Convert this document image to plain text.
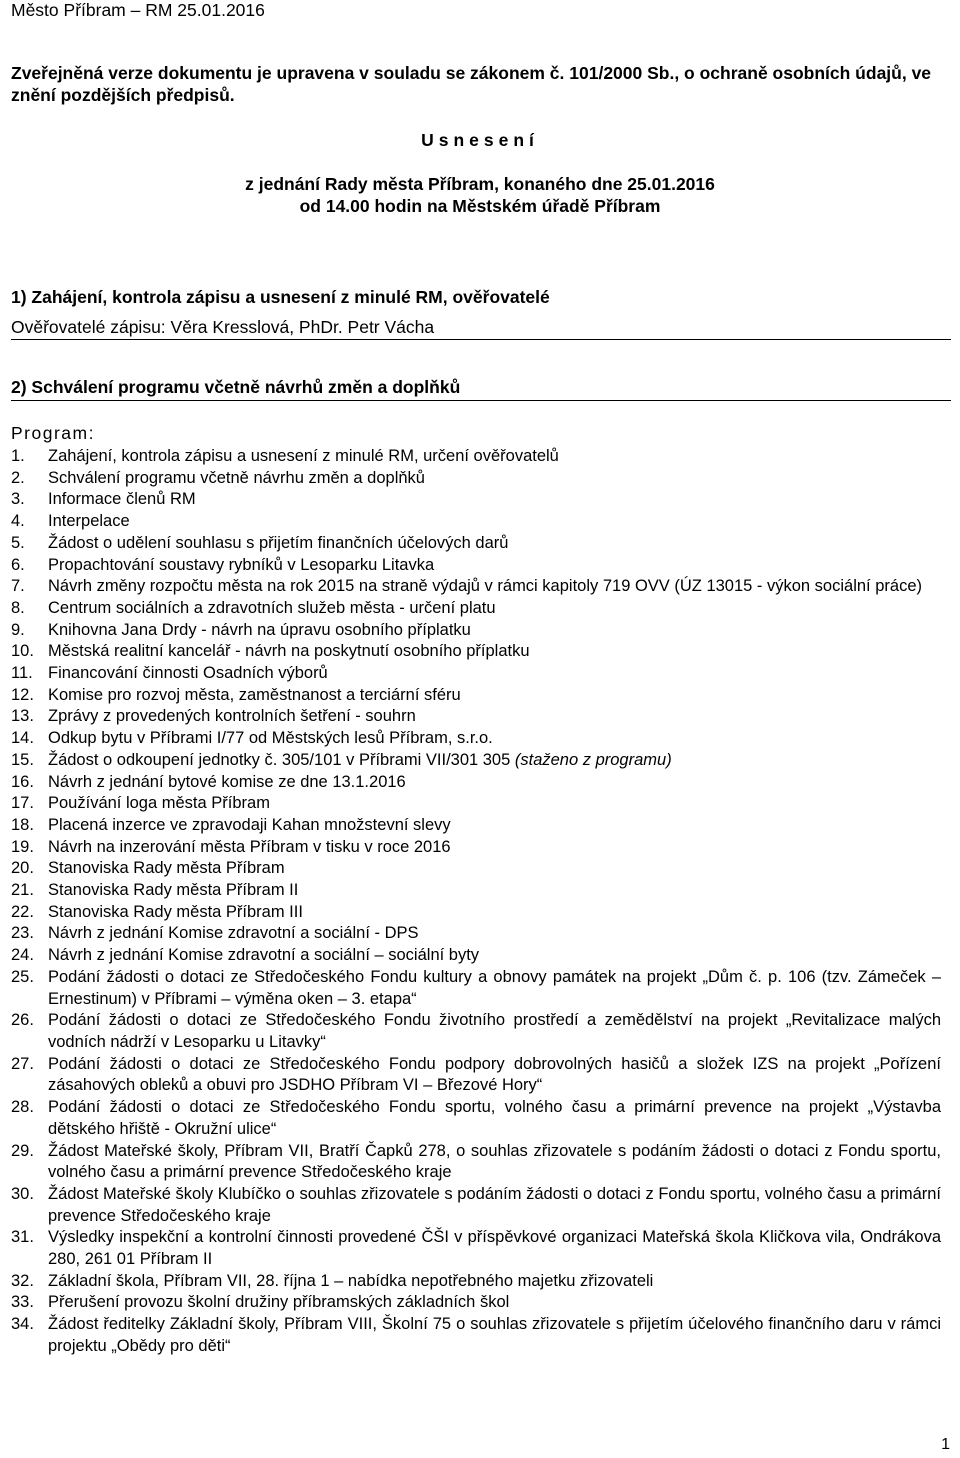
Město Příbram – RM 25.01.2016
Zveřejněná verze dokumentu je upravena v souladu se zákonem č. 101/2000 Sb., o ochraně osobních údajů, ve znění pozdějších předpisů.
Usnesení
z jednání Rady města Příbram, konaného dne 25.01.2016
od 14.00 hodin na Městském úřadě Příbram
1) Zahájení, kontrola zápisu a usnesení z minulé RM, ověřovatelé
Ověřovatelé zápisu: Věra Kresslová, PhDr. Petr Vácha
2) Schválení programu včetně návrhů změn a doplňků
Program:
1.	Zahájení, kontrola zápisu a usnesení z minulé RM, určení ověřovatelů
2.	Schválení programu včetně návrhu změn a doplňků
3.	Informace členů RM
4.	Interpelace
5.	Žádost o udělení souhlasu s přijetím finančních účelových darů
6.	Propachtování soustavy rybníků v Lesoparku Litavka
7.	Návrh změny rozpočtu města na rok 2015 na straně výdajů v rámci kapitoly 719 OVV (ÚZ 13015 - výkon sociální práce)
8.	Centrum sociálních a zdravotních služeb města - určení platu
9.	Knihovna Jana Drdy - návrh na úpravu osobního příplatku
10. Městská realitní kancelář - návrh na poskytnutí osobního příplatku
11. Financování činnosti Osadních výborů
12. Komise pro rozvoj města, zaměstnanost a terciární sféru
13. Zprávy z provedených kontrolních šetření - souhrn
14. Odkup bytu v Příbrami I/77 od Městských lesů Příbram, s.r.o.
15. Žádost o odkoupení jednotky č. 305/101 v Příbrami VII/301 305 (staženo z programu)
16. Návrh z jednání bytové komise ze dne 13.1.2016
17. Používání loga města Příbram
18. Placená inzerce ve zpravodaji Kahan množstevní slevy
19. Návrh na inzerování města Příbram v tisku v roce 2016
20. Stanoviska Rady města Příbram
21. Stanoviska Rady města Příbram II
22. Stanoviska Rady města Příbram III
23. Návrh z jednání Komise zdravotní a sociální - DPS
24. Návrh z jednání Komise zdravotní a sociální – sociální byty
25. Podání žádosti o dotaci ze Středočeského Fondu kultury a obnovy památek na projekt „Dům č. p. 106 (tzv. Zámeček – Ernestinum) v Příbrami – výměna oken – 3. etapa“
26. Podání žádosti o dotaci ze Středočeského Fondu životního prostředí a zemědělství na projekt „Revitalizace malých vodních nádrží v Lesoparku u Litavky“
27. Podání žádosti o dotaci ze Středočeského Fondu podpory dobrovolných hasičů a složek IZS na projekt „Pořízení zásahových obleků a obuvi pro JSDHO Příbram VI – Březové Hory“
28. Podání žádosti o dotaci ze Středočeského Fondu sportu, volného času a primární prevence na projekt „Výstavba dětského hřiště - Okružní ulice“
29. Žádost Mateřské školy, Příbram VII, Bratří Čapků 278, o souhlas zřizovatele s podáním žádosti o dotaci z Fondu sportu, volného času a primární prevence Středočeského kraje
30. Žádost Mateřské školy Klubíčko o souhlas zřizovatele s podáním žádosti o dotaci z Fondu sportu, volného času a primární prevence Středočeského kraje
31. Výsledky inspekční a kontrolní činnosti provedené ČŠI v příspěvkové organizaci Mateřská škola Kličkova vila, Ondrákova 280, 261 01 Příbram II
32. Základní škola, Příbram VII, 28. října 1 – nabídka nepotřebného majetku zřizovateli
33. Přerušení provozu školní družiny příbramských základních škol
34. Žádost ředitelky Základní školy, Příbram VIII, Školní 75 o souhlas zřizovatele s přijetím účelového finančního daru v rámci projektu „Obědy pro děti“
1
